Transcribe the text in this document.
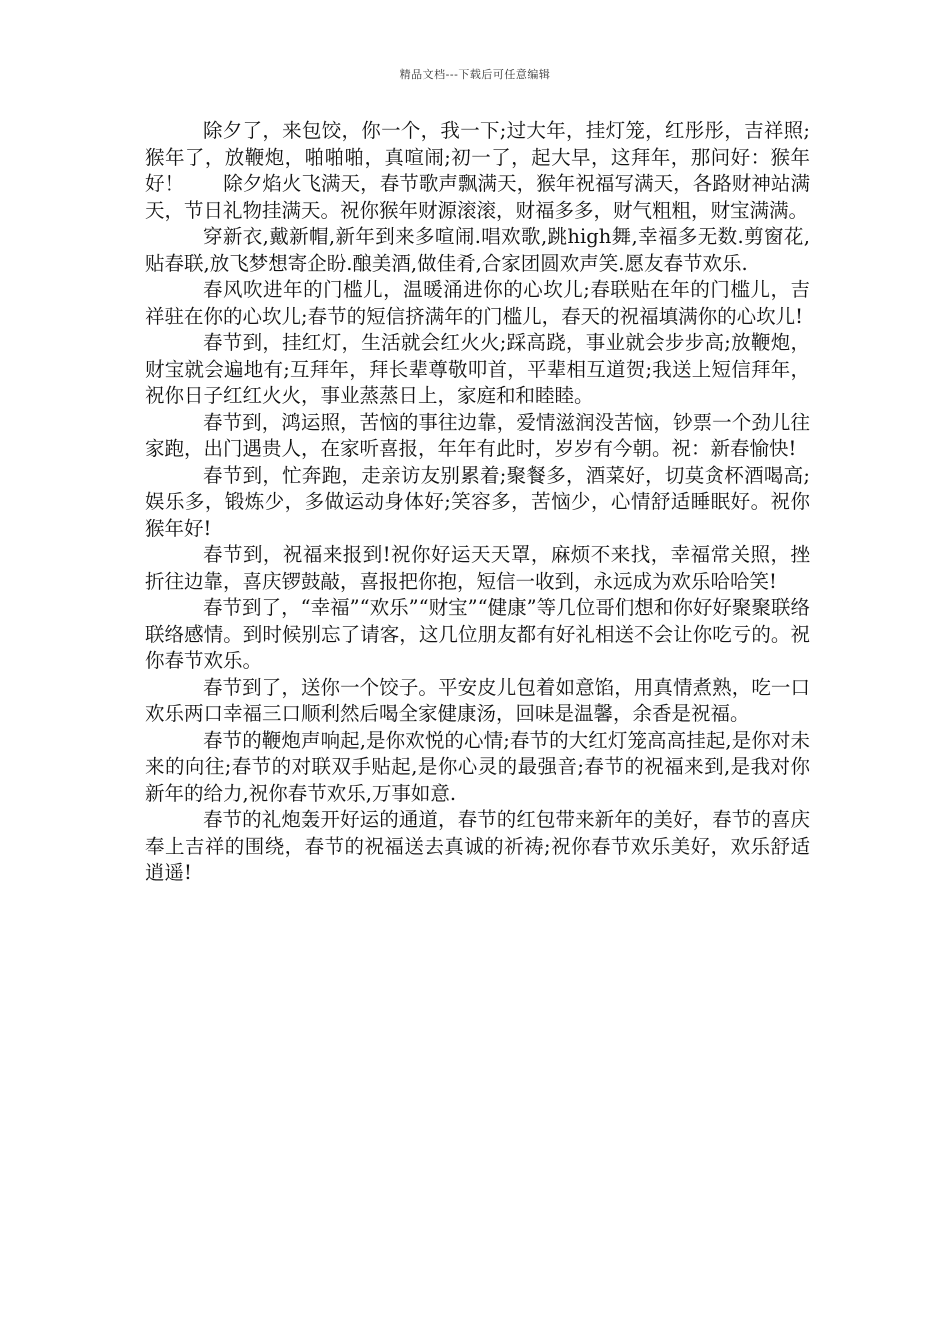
精品文档---下载后可任意编辑

除夕了，来包饺，你一个，我一下;过大年，挂灯笼，红彤彤，吉祥照;猴年了，放鞭炮，啪啪啪，真喧闹;初一了，起大早，这拜年，那问好：猴年好！　　除夕焰火飞满天，春节歌声飘满天，猴年祝福写满天，各路财神站满天，节日礼物挂满天。祝你猴年财源滚滚，财福多多，财气粗粗，财宝满满。

穿新衣,戴新帽,新年到来多喧闹.唱欢歌,跳high舞,幸福多无数.剪窗花,贴春联,放飞梦想寄企盼.酿美酒,做佳肴,合家团圆欢声笑.愿友春节欢乐.

春风吹进年的门槛儿，温暖涌进你的心坎儿;春联贴在年的门槛儿，吉祥驻在你的心坎儿;春节的短信挤满年的门槛儿，春天的祝福填满你的心坎儿!

春节到，挂红灯，生活就会红火火;踩高跷，事业就会步步高;放鞭炮，财宝就会遍地有;互拜年，拜长辈尊敬叩首，平辈相互道贺;我送上短信拜年，祝你日子红红火火，事业蒸蒸日上，家庭和和睦睦。

春节到，鸿运照，苦恼的事往边靠，爱情滋润没苦恼，钞票一个劲儿往家跑，出门遇贵人，在家听喜报，年年有此时，岁岁有今朝。祝：新春愉快!

春节到，忙奔跑，走亲访友别累着;聚餐多，酒菜好，切莫贪杯酒喝高;娱乐多，锻炼少，多做运动身体好;笑容多，苦恼少，心情舒适睡眠好。祝你猴年好!

春节到，祝福来报到!祝你好运天天罩，麻烦不来找，幸福常关照，挫折往边靠，喜庆锣鼓敲，喜报把你抱，短信一收到，永远成为欢乐哈哈笑!

春节到了，“幸福”“欢乐”“财宝”“健康”等几位哥们想和你好好聚聚联络联络感情。到时候别忘了请客，这几位朋友都有好礼相送不会让你吃亏的。祝你春节欢乐。

春节到了，送你一个饺子。平安皮儿包着如意馅，用真情煮熟，吃一口欢乐两口幸福三口顺利然后喝全家健康汤，回味是温馨，余香是祝福。

春节的鞭炮声响起,是你欢悦的心情;春节的大红灯笼高高挂起,是你对未来的向往;春节的对联双手贴起,是你心灵的最强音;春节的祝福来到,是我对你新年的给力,祝你春节欢乐,万事如意.

春节的礼炮轰开好运的通道，春节的红包带来新年的美好，春节的喜庆奉上吉祥的围绕，春节的祝福送去真诚的祈祷;祝你春节欢乐美好，欢乐舒适逍遥!
